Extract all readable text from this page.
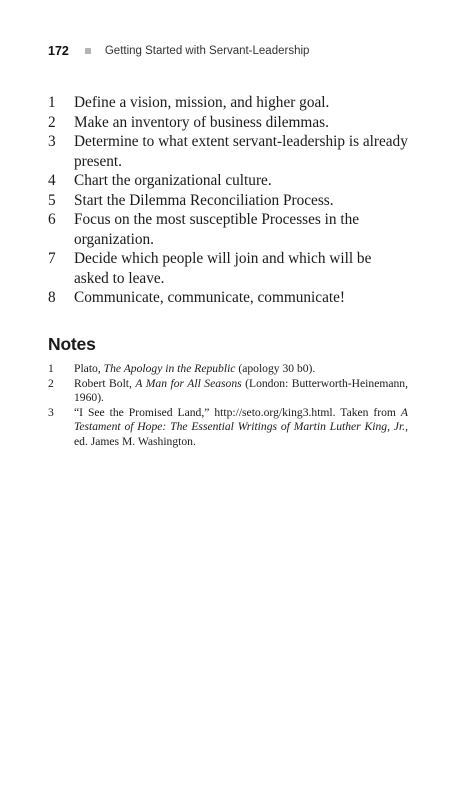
172	Getting Started with Servant-Leadership
1	Define a vision, mission, and higher goal.
2	Make an inventory of business dilemmas.
3	Determine to what extent servant-leadership is already present.
4	Chart the organizational culture.
5	Start the Dilemma Reconciliation Process.
6	Focus on the most susceptible Processes in the organization.
7	Decide which people will join and which will be asked to leave.
8	Communicate, communicate, communicate!
Notes
1	Plato, The Apology in the Republic (apology 30 b0).
2	Robert Bolt, A Man for All Seasons (London: Butterworth-Heinemann, 1960).
3	“I See the Promised Land,” http://seto.org/king3.html. Taken from A Testament of Hope: The Essential Writings of Martin Luther King, Jr., ed. James M. Washington.
